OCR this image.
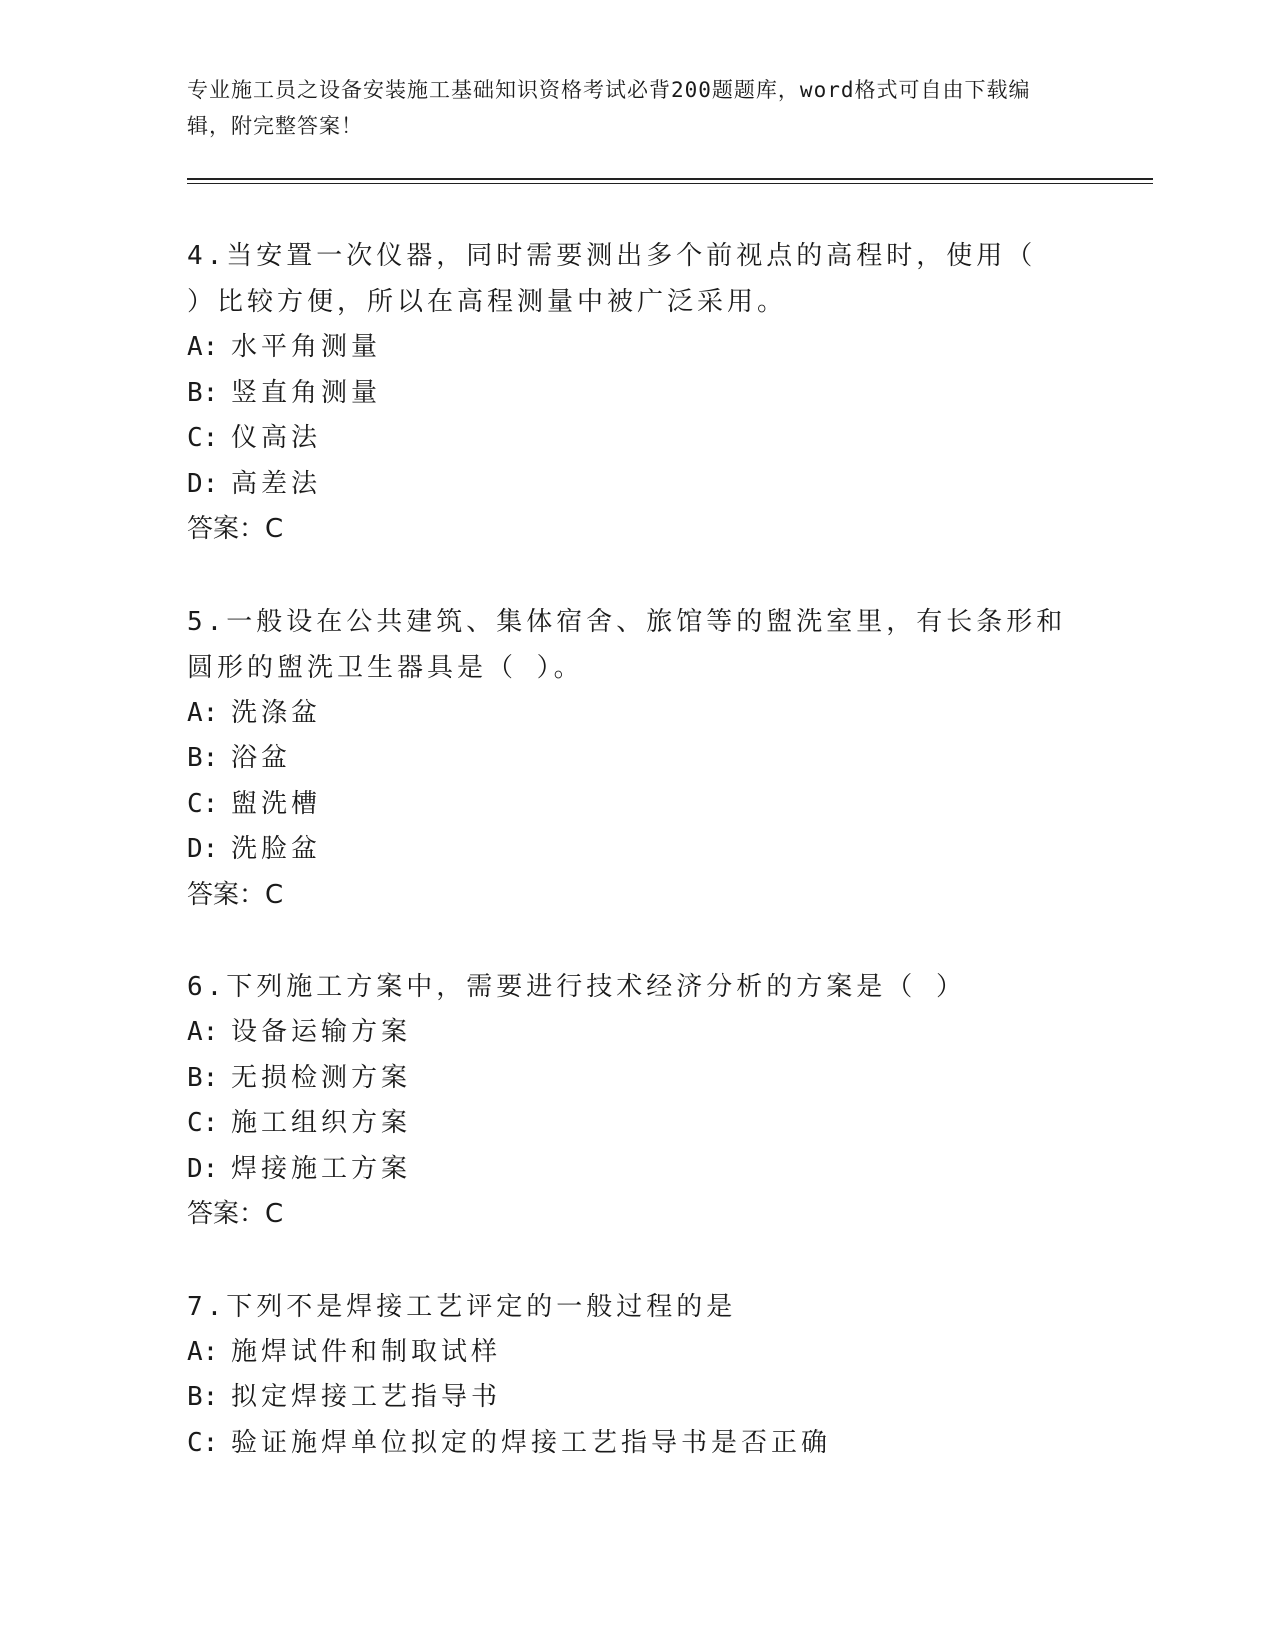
专业施工员之设备安装施工基础知识资格考试必背200题题库，word格式可自由下载编辑，附完整答案！
4.当安置一次仪器，同时需要测出多个前视点的高程时，使用（ ）比较方便，所以在高程测量中被广泛采用。
A: 水平角测量
B: 竖直角测量
C: 仪高法
D: 高差法
答案：C
5.一般设在公共建筑、集体宿舍、旅馆等的盥洗室里，有长条形和圆形的盥洗卫生器具是（ ）。
A: 洗涤盆
B: 浴盆
C: 盥洗槽
D: 洗脸盆
答案：C
6.下列施工方案中，需要进行技术经济分析的方案是（ ）
A: 设备运输方案
B: 无损检测方案
C: 施工组织方案
D: 焊接施工方案
答案：C
7.下列不是焊接工艺评定的一般过程的是
A: 施焊试件和制取试样
B: 拟定焊接工艺指导书
C: 验证施焊单位拟定的焊接工艺指导书是否正确
